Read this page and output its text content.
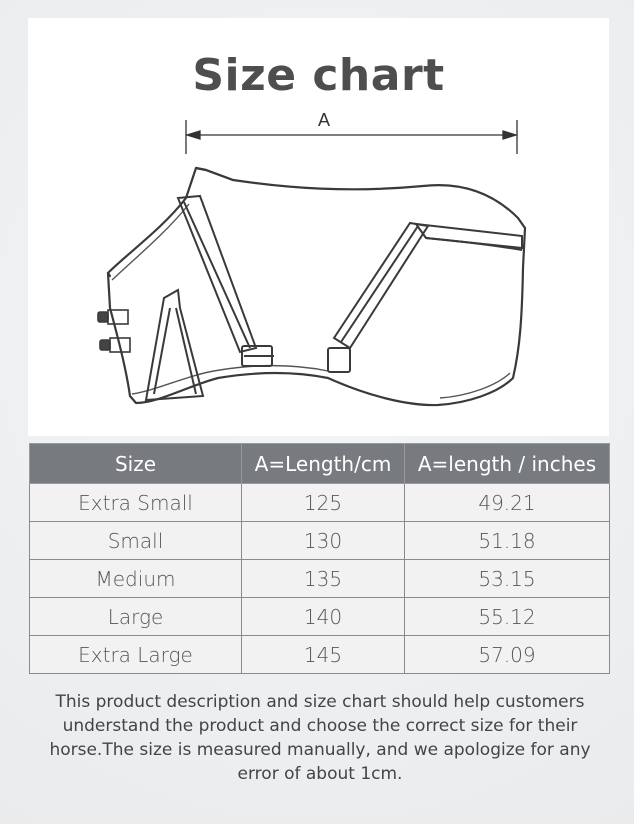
Size chart
A
Size	A=Length/cm	A=length / inches
Extra Small	125	49.21
Small	130	51.18
Medium	135	53.15
Large	140	55.12
Extra Large	145	57.09
This product description and size chart should help customers understand the product and choose the correct size for their horse.The size is measured manually, and we apologize for any error of about 1cm.
